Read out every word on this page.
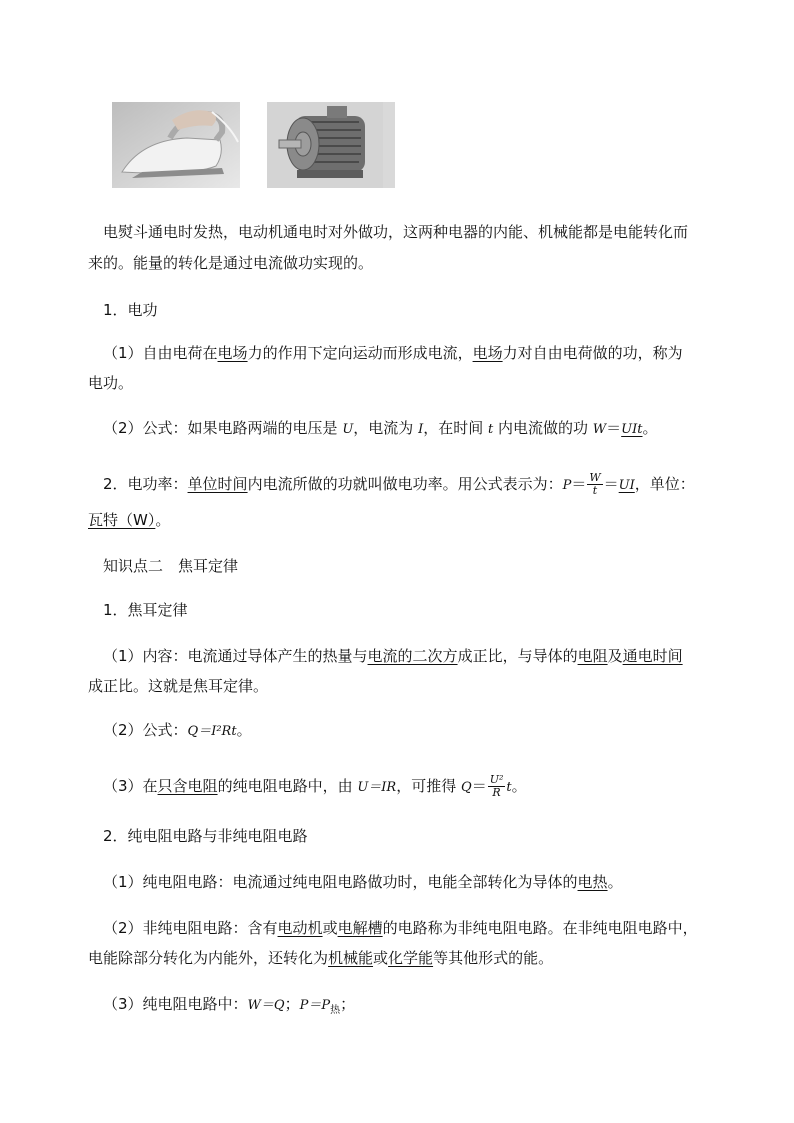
电熨斗通电时发热，电动机通电时对外做功，这两种电器的内能、机械能都是电能转化而
来的。能量的转化是通过电流做功实现的。
1．电功
（1）自由电荷在电场力的作用下定向运动而形成电流，电场力对自由电荷做的功，称为
电功。
（2）公式：如果电路两端的电压是 U，电流为 I，在时间 t 内电流做的功 W＝UIt。
2．电功率：单位时间内电流所做的功就叫做电功率。用公式表示为：$P= \frac{W}{t} =UI$，单位：
瓦特（W）。
知识点二　焦耳定律
1．焦耳定律
（1）内容：电流通过导体产生的热量与电流的二次方成正比，与导体的电阻及通电时间
成正比。这就是焦耳定律。
（2）公式：Q＝I²Rt。
（3）在只含电阻的纯电阻电路中，由 U＝IR，可推得 $Q= \frac{\text{U²}}{R}$ t。
2．纯电阻电路与非纯电阻电路
（1）纯电阻电路：电流通过纯电阻电路做功时，电能全部转化为导体的电热。
（2）非纯电阻电路：含有电动机或电解槽的电路称为非纯电阻电路。在非纯电阻电路中，
电能除部分转化为内能外，还转化为机械能或化学能等其他形式的能。
（3）纯电阻电路中：W＝Q；$P=P_热$；
